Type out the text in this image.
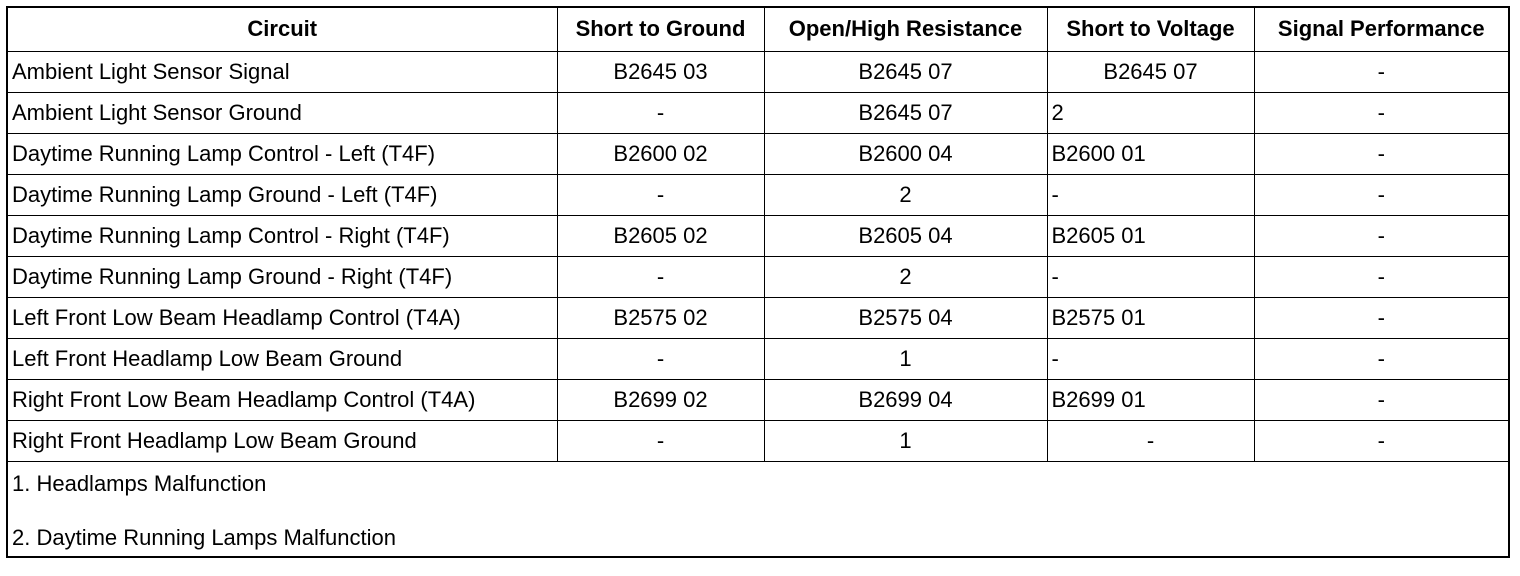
Circuit	Short to Ground	Open/High Resistance	Short to Voltage	Signal Performance
Ambient Light Sensor Signal	B2645 03	B2645 07	B2645 07	-
Ambient Light Sensor Ground	-	B2645 07	2	-
Daytime Running Lamp Control - Left (T4F)	B2600 02	B2600 04	B2600 01	-
Daytime Running Lamp Ground - Left (T4F)	-	2	-	-
Daytime Running Lamp Control - Right (T4F)	B2605 02	B2605 04	B2605 01	-
Daytime Running Lamp Ground - Right (T4F)	-	2	-	-
Left Front Low Beam Headlamp Control (T4A)	B2575 02	B2575 04	B2575 01	-
Left Front Headlamp Low Beam Ground	-	1	-	-
Right Front Low Beam Headlamp Control (T4A)	B2699 02	B2699 04	B2699 01	-
Right Front Headlamp Low Beam Ground	-	1	-	-

1. Headlamps Malfunction
2. Daytime Running Lamps Malfunction				
